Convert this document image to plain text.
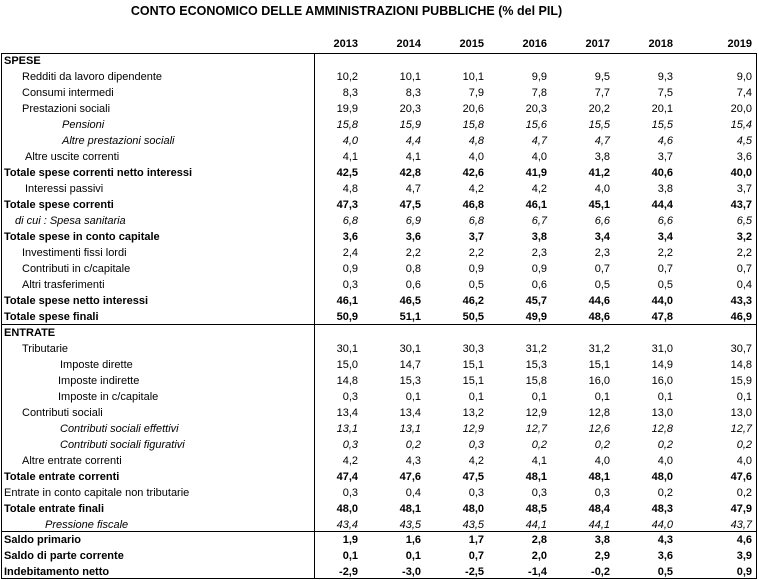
CONTO ECONOMICO DELLE AMMINISTRAZIONI PUBBLICHE (% del PIL)
2013	2014	2015	2016	2017	2018	2019
SPESE
Redditi da lavoro dipendente	10,2	10,1	10,1	9,9	9,5	9,3	9,0
Consumi intermedi	8,3	8,3	7,9	7,8	7,7	7,5	7,4
Prestazioni sociali	19,9	20,3	20,6	20,3	20,2	20,1	20,0
Pensioni	15,8	15,9	15,8	15,6	15,5	15,5	15,4
Altre prestazioni sociali	4,0	4,4	4,8	4,7	4,7	4,6	4,5
Altre uscite correnti	4,1	4,1	4,0	4,0	3,8	3,7	3,6
Totale spese correnti netto interessi	42,5	42,8	42,6	41,9	41,2	40,6	40,0
Interessi passivi	4,8	4,7	4,2	4,2	4,0	3,8	3,7
Totale spese correnti	47,3	47,5	46,8	46,1	45,1	44,4	43,7
di cui : Spesa sanitaria	6,8	6,9	6,8	6,7	6,6	6,6	6,5
Totale spese in conto capitale	3,6	3,6	3,7	3,8	3,4	3,4	3,2
Investimenti fissi lordi	2,4	2,2	2,2	2,3	2,3	2,2	2,2
Contributi in c/capitale	0,9	0,8	0,9	0,9	0,7	0,7	0,7
Altri trasferimenti	0,3	0,6	0,5	0,6	0,5	0,5	0,4
Totale spese netto interessi	46,1	46,5	46,2	45,7	44,6	44,0	43,3
Totale spese finali	50,9	51,1	50,5	49,9	48,6	47,8	46,9
ENTRATE
Tributarie	30,1	30,1	30,3	31,2	31,2	31,0	30,7
Imposte dirette	15,0	14,7	15,1	15,3	15,1	14,9	14,8
Imposte indirette	14,8	15,3	15,1	15,8	16,0	16,0	15,9
Imposte in c/capitale	0,3	0,1	0,1	0,1	0,1	0,1	0,1
Contributi sociali	13,4	13,4	13,2	12,9	12,8	13,0	13,0
Contributi sociali effettivi	13,1	13,1	12,9	12,7	12,6	12,8	12,7
Contributi sociali figurativi	0,3	0,2	0,3	0,2	0,2	0,2	0,2
Altre entrate correnti	4,2	4,3	4,2	4,1	4,0	4,0	4,0
Totale entrate correnti	47,4	47,6	47,5	48,1	48,1	48,0	47,6
Entrate in conto capitale non tributarie	0,3	0,4	0,3	0,3	0,3	0,2	0,2
Totale entrate finali	48,0	48,1	48,0	48,5	48,4	48,3	47,9
Pressione fiscale	43,4	43,5	43,5	44,1	44,1	44,0	43,7
Saldo primario	1,9	1,6	1,7	2,8	3,8	4,3	4,6
Saldo di parte corrente	0,1	0,1	0,7	2,0	2,9	3,6	3,9
Indebitamento netto	-2,9	-3,0	-2,5	-1,4	-0,2	0,5	0,9
